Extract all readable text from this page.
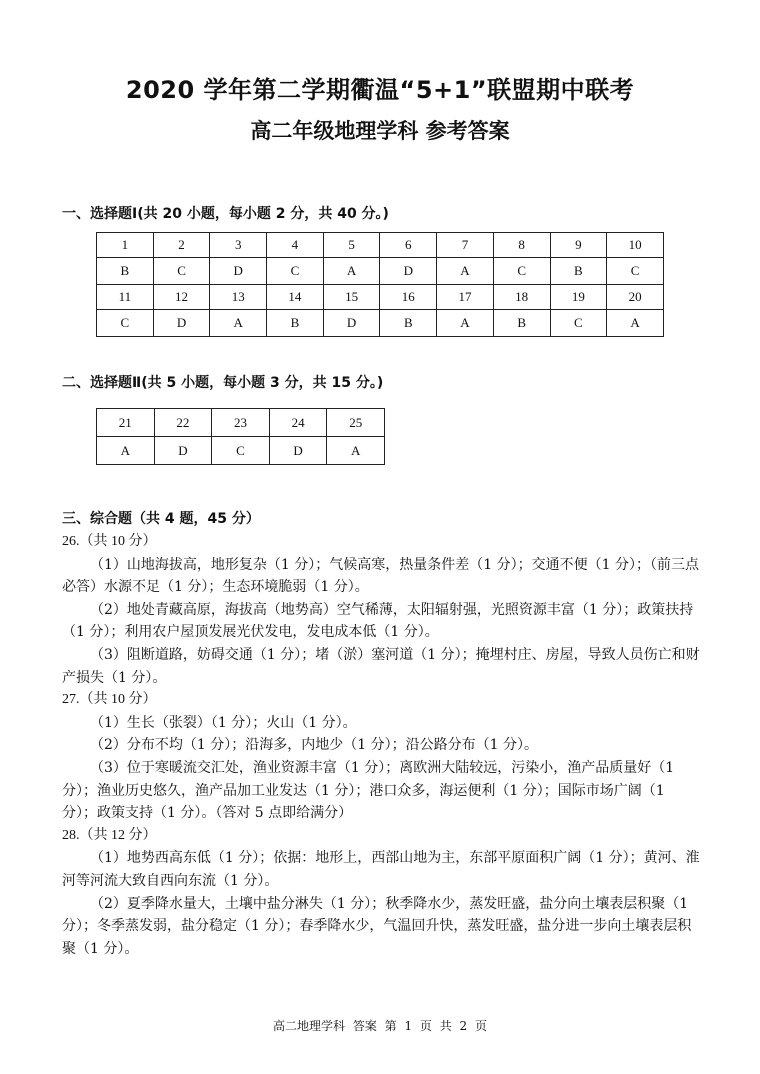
2020 学年第二学期衢温“5+1”联盟期中联考
高二年级地理学科 参考答案
一、选择题Ⅰ(共 20 小题，每小题 2 分，共 40 分。)
1	2	3	4	5	6	7	8	9	10
B	C	D	C	A	D	A	C	B	C
11	12	13	14	15	16	17	18	19	20
C	D	A	B	D	B	A	B	C	A
二、选择题Ⅱ(共 5 小题，每小题 3 分，共 15 分。)
21	22	23	24	25
A	D	C	D	A
三、综合题（共 4 题，45 分）

26.（共 10 分）

（1）山地海拔高，地形复杂（1 分）；气候高寒，热量条件差（1 分）；交通不便（1 分）；（前三点必答）水源不足（1 分）；生态环境脆弱（1 分）。

（2）地处青藏高原，海拔高（地势高）空气稀薄，太阳辐射强，光照资源丰富（1 分）；政策扶持（1 分）；利用农户屋顶发展光伏发电，发电成本低（1 分）。

（3）阻断道路，妨碍交通（1 分）；堵（淤）塞河道（1 分）；掩埋村庄、房屋，导致人员伤亡和财产损失（1 分）。

27.（共 10 分）

（1）生长（张裂）（1 分）；火山（1 分）。

（2）分布不均（1 分）；沿海多，内地少（1 分）；沿公路分布（1 分）。

（3）位于寒暖流交汇处，渔业资源丰富（1 分）；离欧洲大陆较远，污染小，渔产品质量好（1 分）；渔业历史悠久，渔产品加工业发达（1 分）；港口众多，海运便利（1 分）；国际市场广阔（1 分）；政策支持（1 分）。（答对 5 点即给满分）

28.（共 12 分）

（1）地势西高东低（1 分）；依据：地形上，西部山地为主，东部平原面积广阔（1 分）；黄河、淮河等河流大致自西向东流（1 分）。

（2）夏季降水量大，土壤中盐分淋失（1 分）；秋季降水少，蒸发旺盛，盐分向土壤表层积聚（1 分）；冬季蒸发弱，盐分稳定（1 分）；春季降水少，气温回升快，蒸发旺盛，盐分进一步向土壤表层积聚（1 分）。

高二地理学科 答案 第 1 页 共 2 页
